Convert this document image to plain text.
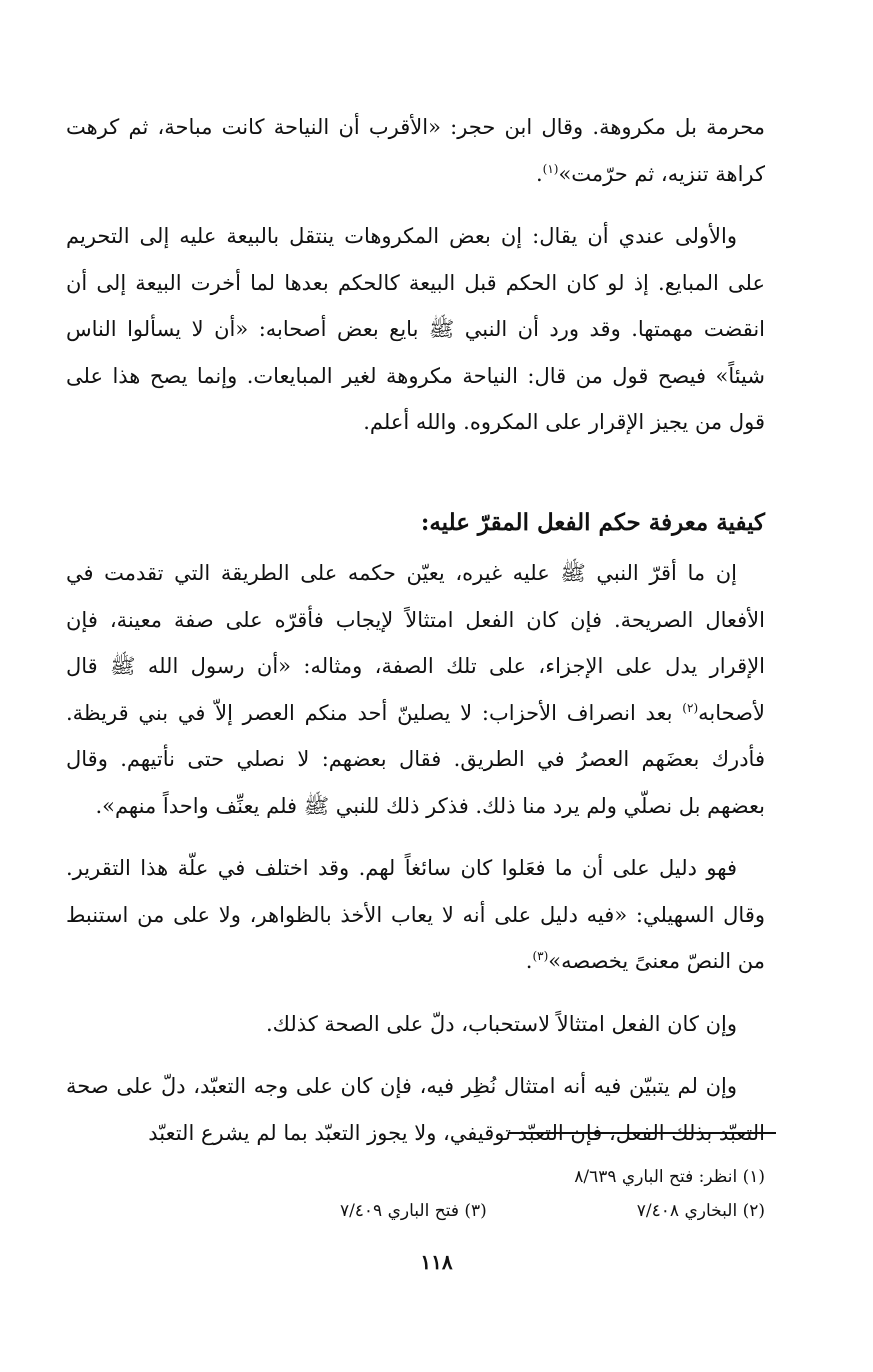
محرمة بل مكروهة. وقال ابن حجر: «الأقرب أن النياحة كانت مباحة، ثم كرهت كراهة تنزيه، ثم حرّمت»$^{(١)}$.

والأولى عندي أن يقال: إن بعض المكروهات ينتقل بالبيعة عليه إلى التحريم على المبايع. إذ لو كان الحكم قبل البيعة كالحكم بعدها لما أخرت البيعة إلى أن انقضت مهمتها. وقد ورد أن النبي ﷺ بايع بعض أصحابه: «أن لا يسألوا الناس شيئاً» فيصح قول من قال: النياحة مكروهة لغير المبايعات. وإنما يصح هذا على قول من يجيز الإقرار على المكروه. والله أعلم.

كيفية معرفة حكم الفعل المقرّ عليه:

إن ما أقرّ النبي ﷺ عليه غيره، يعيّن حكمه على الطريقة التي تقدمت في الأفعال الصريحة. فإن كان الفعل امتثالاً لإيجاب فأقرّه على صفة معينة، فإن الإقرار يدل على الإجزاء، على تلك الصفة، ومثاله: «أن رسول الله ﷺ قال لأصحابه$^{(٢)}$ بعد انصراف الأحزاب: لا يصلينّ أحد منكم العصر إلاّ في بني قريظة. فأدرك بعضَهم العصرُ في الطريق. فقال بعضهم: لا نصلي حتى نأتيهم. وقال بعضهم بل نصلّي ولم يرد منا ذلك. فذكر ذلك للنبي ﷺ فلم يعنِّف واحداً منهم».

فهو دليل على أن ما فعَلوا كان سائغاً لهم. وقد اختلف في علّة هذا التقرير. وقال السهيلي: «فيه دليل على أنه لا يعاب الأخذ بالظواهر، ولا على من استنبط من النصّ معنىً يخصصه»$^{(٣)}$.

وإن كان الفعل امتثالاً لاستحباب، دلّ على الصحة كذلك.

وإن لم يتبيّن فيه أنه امتثال نُظِر فيه، فإن كان على وجه التعبّد، دلّ على صحة التعبّد بذلك الفعل، فإن التعبّد توقيفي، ولا يجوز التعبّد بما لم يشرع التعبّد

(١) انظر: فتح الباري ٨/٦٣٩
(٢) البخاري ٧/٤٠٨
(٣) فتح الباري ٧/٤٠٩
١١٨
